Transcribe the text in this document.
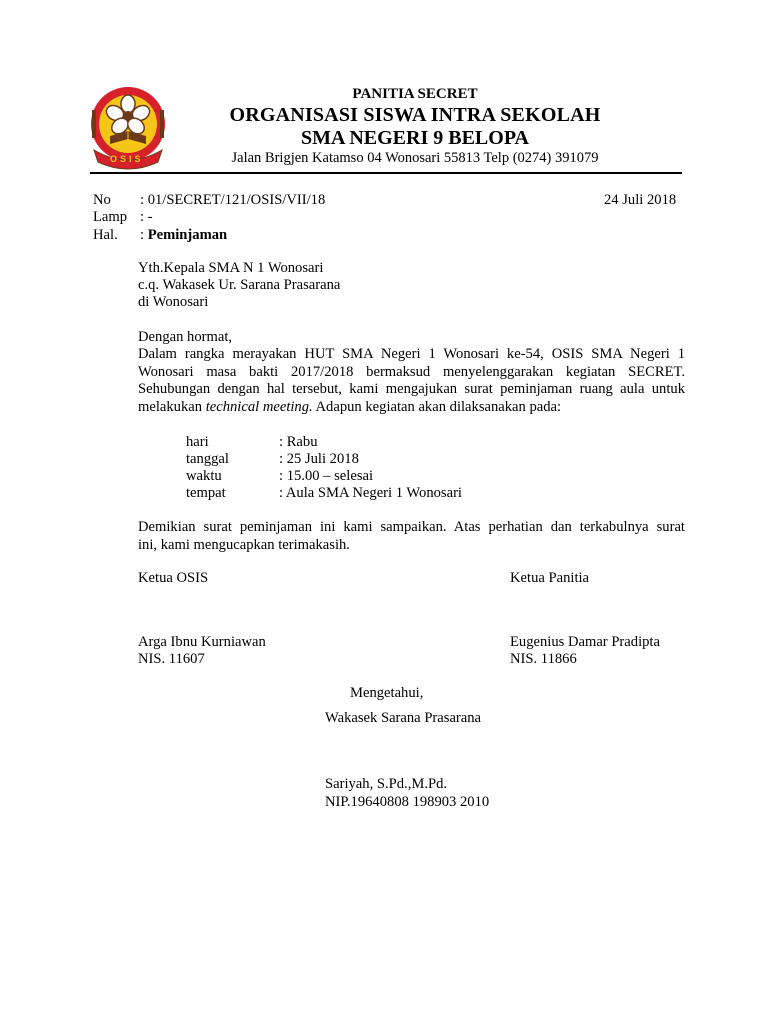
OSIS
PANITIA SECRET
ORGANISASI SISWA INTRA SEKOLAH
SMA NEGERI 9 BELOPA
Jalan Brigjen Katamso 04 Wonosari 55813 Telp (0274) 391079
No : 01/SECRET/121/OSIS/VII/18	24 Juli 2018
Lamp : -
Hal. : Peminjaman
Yth.Kepala SMA N 1 Wonosari
c.q. Wakasek Ur. Sarana Prasarana
di Wonosari
Dengan hormat,
Dalam rangka merayakan HUT SMA Negeri 1 Wonosari ke-54, OSIS SMA Negeri 1
Wonosari masa bakti 2017/2018 bermaksud menyelenggarakan kegiatan SECRET.
Sehubungan dengan hal tersebut, kami mengajukan surat peminjaman ruang aula untuk
melakukan technical meeting. Adapun kegiatan akan dilaksanakan pada:
hari	: Rabu
tanggal	: 25 Juli 2018
waktu	: 15.00 – selesai
tempat	: Aula SMA Negeri 1 Wonosari
Demikian surat peminjaman ini kami sampaikan. Atas perhatian dan terkabulnya surat
ini, kami mengucapkan terimakasih.
Ketua OSIS	Ketua Panitia
Arga Ibnu Kurniawan
NIS. 11607
Eugenius Damar Pradipta
NIS. 11866
Mengetahui,
Wakasek Sarana Prasarana
Sariyah, S.Pd.,M.Pd.
NIP.19640808 198903 2010
